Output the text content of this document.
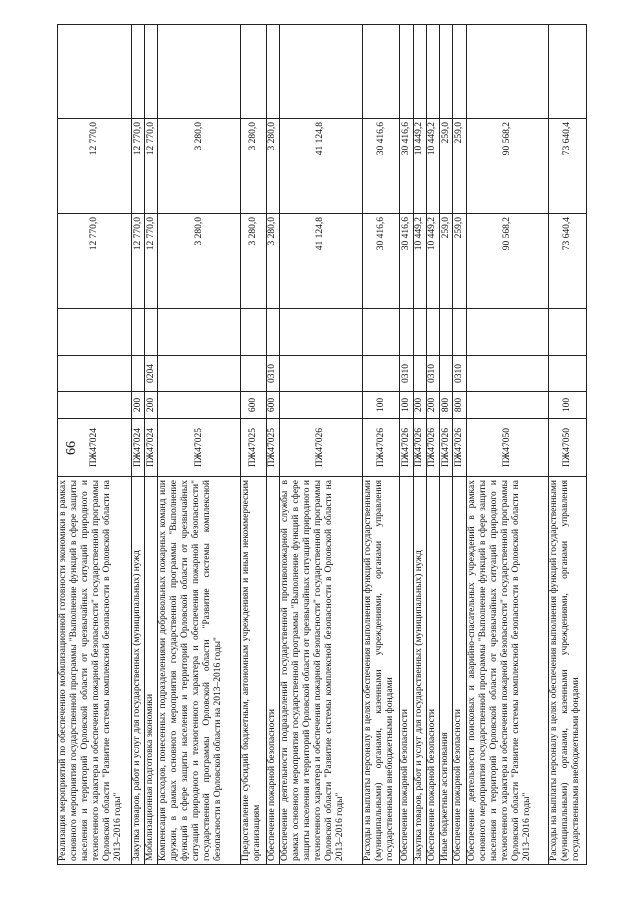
66
Реализация мероприятий по обеспечению мобилизационной готовности экономики в рамках основного мероприятия государственной программы "Выполнение функций в сфере защиты населения и территорий Орловской области от чрезвычайных ситуаций природного и техногенного характера и обеспечения пожарной безопасности" государственной программы Орловской области "Развитие системы комплексной безопасности в Орловской области на 2013–2016 годы"	ПЖ47024				12 770,0	12 770,0	
Закупка товаров, работ и услуг для государственных (муниципальных) нужд	ПЖ47024	200			12 770,0	12 770,0	
Мобилизационная подготовка экономики	ПЖ47024	200	0204		12 770,0	12 770,0	
Компенсация расходов, понесенных подразделениями добровольных пожарных команд или дружин, в рамках основного мероприятия государственной программы "Выполнение функций в сфере защиты населения и территорий Орловской области от чрезвычайных ситуаций природного и техногенного характера и обеспечения пожарной безопасности" государственной программы Орловской области "Развитие системы комплексной безопасности в Орловской области на 2013–2016 годы"	ПЖ47025				3 280,0	3 280,0	
Предоставление субсидий бюджетным, автономным учреждениям и иным некоммерческим организациям	ПЖ47025	600			3 280,0	3 280,0	
Обеспечение пожарной безопасности	ПЖ47025	600	0310		3 280,0	3 280,0	
Обеспечение деятельности подразделений государственной противопожарной службы в рамках основного мероприятия государственной программы "Выполнение функций в сфере защиты населения и территорий Орловской области от чрезвычайных ситуаций природного и техногенного характера и обеспечения пожарной безопасности" государственной программы Орловской области "Развитие системы комплексной безопасности в Орловской области на 2013–2016 годы"	ПЖ47026				41 124,8	41 124,8	
Расходы на выплаты персоналу в целях обеспечения выполнения функций государственными (муниципальными) органами, казенными учреждениями, органами управления государственными внебюджетными фондами	ПЖ47026	100			30 416,6	30 416,6	
Обеспечение пожарной безопасности	ПЖ47026	100	0310		30 416,6	30 416,6	
Закупка товаров, работ и услуг для государственных (муниципальных) нужд	ПЖ47026	200			10 449,2	10 449,2	
Обеспечение пожарной безопасности	ПЖ47026	200	0310		10 449,2	10 449,2	
Иные бюджетные ассигнования	ПЖ47026	800			259,0	259,0	
Обеспечение пожарной безопасности	ПЖ47026	800	0310		259,0	259,0	
Обеспечение деятельности поисковых и аварийно-спасательных учреждений в рамках основного мероприятия государственной программы "Выполнение функций в сфере защиты населения и территорий Орловской области от чрезвычайных ситуаций природного и техногенного характера и обеспечения пожарной безопасности" государственной программы Орловской области "Развитие системы комплексной безопасности в Орловской области на 2013–2016 годы"	ПЖ47050				90 568,2	90 568,2	
Расходы на выплаты персоналу в целях обеспечения выполнения функций государственными (муниципальными) органами, казенными учреждениями, органами управления государственными внебюджетными фондами	ПЖ47050	100			73 640,4	73 640,4	
